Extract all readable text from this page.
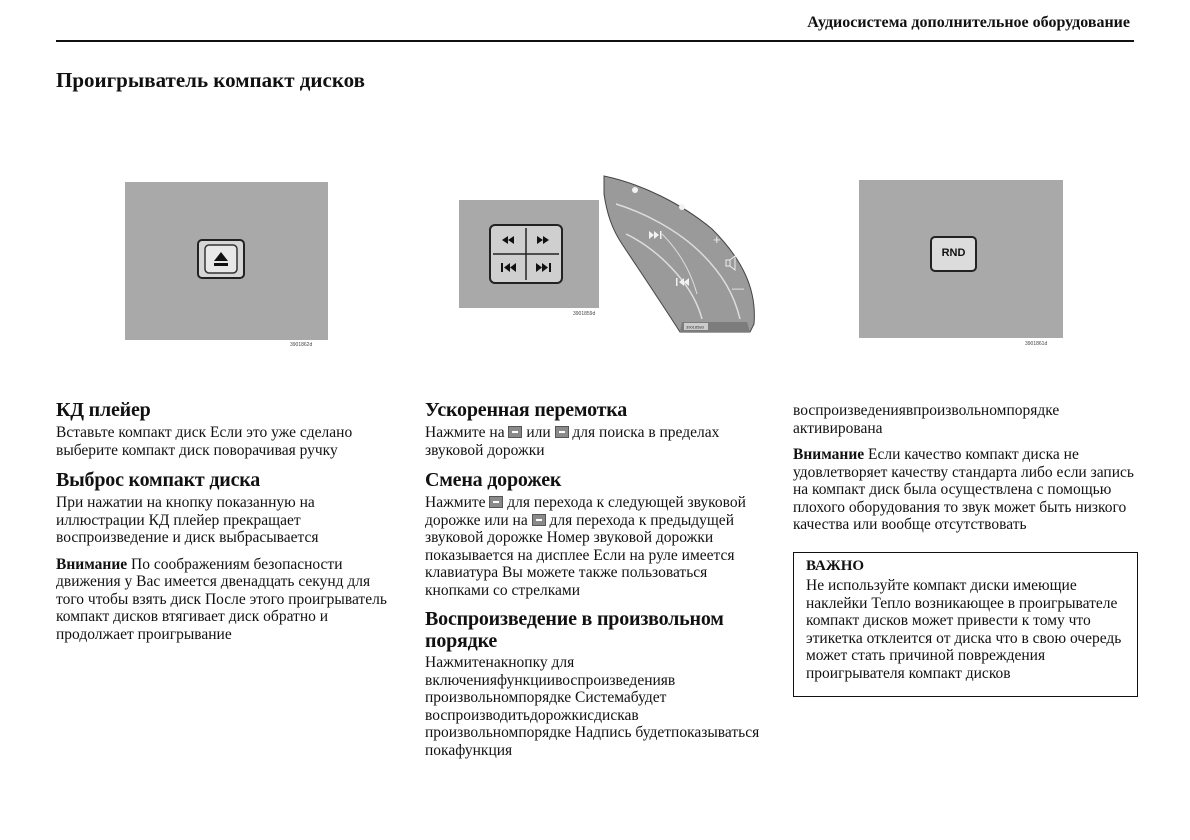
Аудиосистема дополнительное оборудование
Проигрыватель компакт дисков
3901862d
3901859d
+
—
3901858d
RND
3901861d
КД плейер

Вставьте компакт диск Если это уже сделано выберите компакт диск поворачивая ручку

Выброс компакт диска

При нажатии на кнопку показанную на иллюстрации КД плейер прекращает воспроизведение и диск выбрасывается

Внимание По соображениям безопасности движения у Вас имеется двенадцать секунд для того чтобы взять диск После этого проигрыватель компакт дисков втягивает диск обратно и продолжает проигрывание

Ускоренная перемотка

Нажмите на  или  для поиска в пределах звуковой дорожки

Смена дорожек

Нажмите  для перехода к следующей звуковой дорожке или на  для перехода к предыдущей звуковой дорожке Номер звуковой дорожки показывается на дисплее Если на руле имеется клавиатура Вы можете также пользоваться кнопками со стрелками

Воспроизведение в произвольном порядке

Нажмитенакнопку для включенияфункциивоспроизведенияв произвольномпорядке Системабудет воспроизводитьдорожкисдискав произвольномпорядке Надпись будетпоказываться покафункция

воспроизведениявпроизвольномпорядке активирована

Внимание Если качество компакт диска не удовлетворяет качеству стандарта либо если запись на компакт диск была осуществлена с помощью плохого оборудования то звук может быть низкого качества или вообще отсутствовать

ВАЖНО

Не используйте компакт диски имеющие наклейки Тепло возникающее в проигрывателе компакт дисков может привести к тому что этикетка отклеится от диска что в свою очередь может стать причиной повреждения проигрывателя компакт дисков
